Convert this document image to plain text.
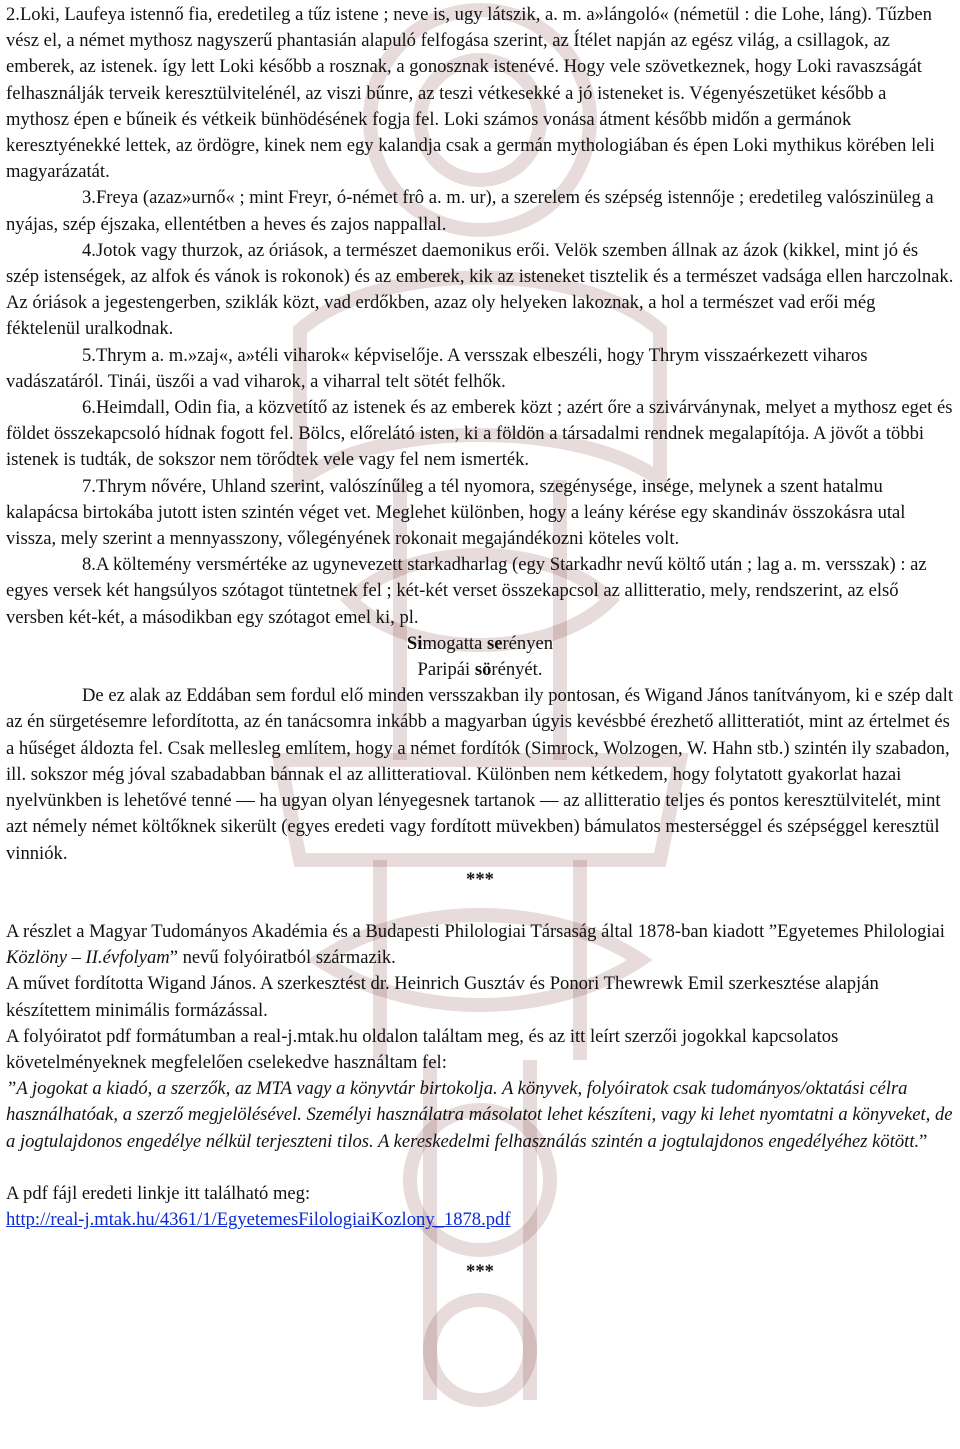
2.Loki, Laufeya istennő fia, eredetileg a tűz istene ; neve is, ugy látszik, a. m. a»lángoló« (németül : die Lohe, láng). Tűzben vész el, a német mythosz nagyszerű phantasián alapuló felfogása szerint, az Ítélet napján az egész világ, a csillagok, az emberek, az istenek. így lett Loki később a rosznak, a gonosznak istenévé. Hogy vele szövetkeznek, hogy Loki ravaszságát felhasználják terveik keresztülvitelénél, az viszi bűnre, az teszi vétkesekké a jó isteneket is. Végenyészetüket később a mythosz épen e bűneik és vétkeik bünhödésének fogja fel. Loki számos vonása átment később midőn a germánok keresztyénekké lettek, az ördögre, kinek nem egy kalandja csak a germán mythologiában és épen Loki mythikus körében leli magyarázatát.

3.Freya (azaz»urnő« ; mint Freyr, ó-német frô a. m. ur), a szerelem és szépség istennője ; eredetileg valószinüleg a nyájas, szép éjszaka, ellentétben a heves és zajos nappallal.

4.Jotok vagy thurzok, az óriások, a természet daemonikus erői. Velök szemben állnak az ázok (kikkel, mint jó és szép istenségek, az alfok és vánok is rokonok) és az emberek, kik az isteneket tisztelik és a természet vadsága ellen harczolnak. Az óriások a jegestengerben, sziklák közt, vad erdőkben, azaz oly helyeken lakoznak, a hol a természet vad erői még féktelenül uralkodnak.

5.Thrym a. m.»zaj«, a»téli viharok« képviselője. A versszak elbeszéli, hogy Thrym visszaérkezett viharos vadászatáról. Tinái, üszői a vad viharok, a viharral telt sötét felhők.

6.Heimdall, Odin fia, a közvetítő az istenek és az emberek közt ; azért őre a szivárványnak, melyet a mythosz eget és földet összekapcsoló hídnak fogott fel. Bölcs, előrelátó isten, ki a földön a társadalmi rendnek megalapítója. A jövőt a többi istenek is tudták, de sokszor nem törődtek vele vagy fel nem ismerték.

7.Thrym nővére, Uhland szerint, valószínűleg a tél nyomora, szegénysége, insége, melynek a szent hatalmu kalapácsa birtokába jutott isten szintén véget vet. Meglehet különben, hogy a leány kérése egy skandináv összokásra utal vissza, mely szerint a mennyasszony, vőlegényének rokonait megajándékozni köteles volt.

8.A költemény versmértéke az ugynevezett starkadharlag (egy Starkadhr nevű költő után ; lag a. m. versszak) : az egyes versek két hangsúlyos szótagot tüntetnek fel ; két-két verset összekapcsol az allitteratio, mely, rendszerint, az első versben két-két, a másodikban egy szótagot emel ki, pl.

Simogatta serényen

Paripái sörényét.

De ez alak az Eddában sem fordul elő minden versszakban ily pontosan, és Wigand János tanítványom, ki e szép dalt az én sürgetésemre lefordította, az én tanácsomra inkább a magyarban úgyis kevésbbé érezhető allitteratiót, mint az értelmet és a hűséget áldozta fel. Csak mellesleg említem, hogy a német fordítók (Simrock, Wolzogen, W. Hahn stb.) szintén ily szabadon, ill. sokszor még jóval szabadabban bánnak el az allitteratioval. Különben nem kétkedem, hogy folytatott gyakorlat hazai nyelvünkben is lehetővé tenné — ha ugyan olyan lényegesnek tartanok — az allitteratio teljes és pontos keresztülvitelét, mint azt némely német költőknek sikerült (egyes eredeti vagy fordított müvekben) bámulatos mesterséggel és szépséggel keresztül vinniók.

***

A részlet a Magyar Tudományos Akadémia és a Budapesti Philologiai Társaság által 1878-ban kiadott ”Egyetemes Philologiai Közlöny – II.évfolyam” nevű folyóiratból származik.

A művet fordította Wigand János. A szerkesztést dr. Heinrich Gusztáv és Ponori Thewrewk Emil szerkesztése alapján készítettem minimális formázással.

A folyóiratot pdf formátumban a real-j.mtak.hu oldalon találtam meg, és az itt leírt szerzői jogokkal kapcsolatos követelményeknek megfelelően cselekedve használtam fel:

”A jogokat a kiadó, a szerzők, az MTA vagy a könyvtár birtokolja. A könyvek, folyóiratok csak tudományos/oktatási célra használhatóak, a szerző megjelölésével. Személyi használatra másolatot lehet készíteni, vagy ki lehet nyomtatni a könyveket, de a jogtulajdonos engedélye nélkül terjeszteni tilos. A kereskedelmi felhasználás szintén a jogtulajdonos engedélyéhez kötött.”

A pdf fájl eredeti linkje itt található meg:

http://real-j.mtak.hu/4361/1/EgyetemesFilologiaiKozlony_1878.pdf

***
